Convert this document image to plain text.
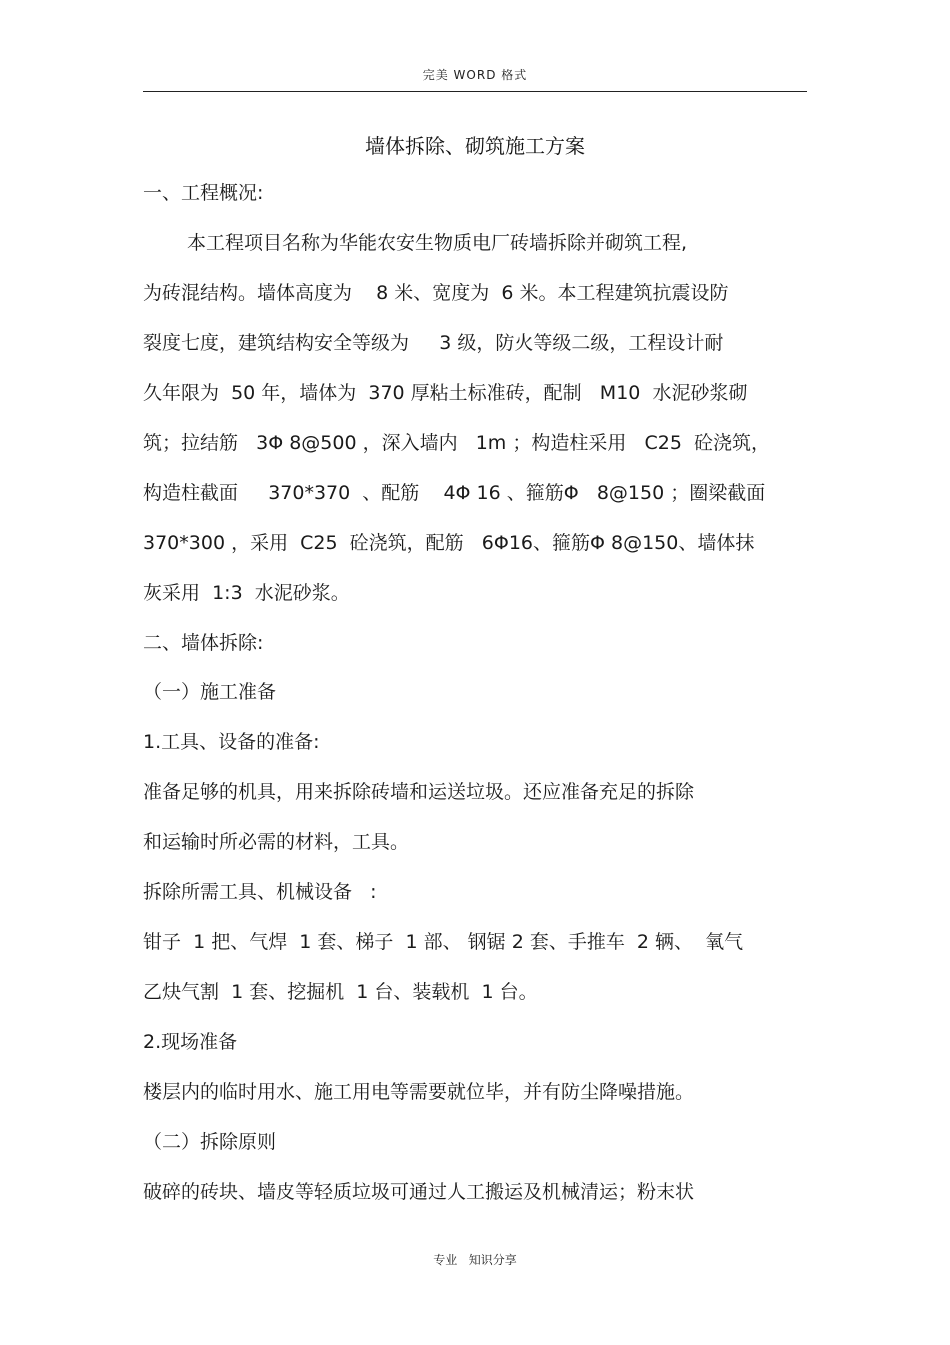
完美 WORD 格式
墙体拆除、砌筑施工方案
一、工程概况:
本工程项目名称为华能农安生物质电厂砖墙拆除并砌筑工程,
为砖混结构。墙体高度为    8 米、宽度为  6 米。本工程建筑抗震设防
裂度七度，建筑结构安全等级为     3 级，防火等级二级，工程设计耐
久年限为  50 年，墙体为  370 厚粘土标准砖，配制   M10  水泥砂浆砌
筑；拉结筋   3Φ 8@500 ，深入墙内   1m ；构造柱采用   C25  砼浇筑，
构造柱截面     370*370  、配筋    4Φ 16 、箍筋Φ   8@150 ；圈梁截面
370*300 ，采用  C25  砼浇筑，配筋   6Φ16、箍筋Φ 8@150、墙体抹
灰采用  1:3  水泥砂浆。
二、墙体拆除:
（一）施工准备
1.工具、设备的准备:
准备足够的机具，用来拆除砖墙和运送垃圾。还应准备充足的拆除
和运输时所必需的材料，工具。
拆除所需工具、机械设备   :
钳子  1 把、气焊  1 套、梯子  1 部、 钢锯 2 套、手推车  2 辆、  氧气
乙炔气割  1 套、挖掘机  1 台、装载机  1 台。
2.现场准备
楼层内的临时用水、施工用电等需要就位毕，并有防尘降噪措施。
（二）拆除原则
破碎的砖块、墙皮等轻质垃圾可通过人工搬运及机械清运；粉末状
专业   知识分享
